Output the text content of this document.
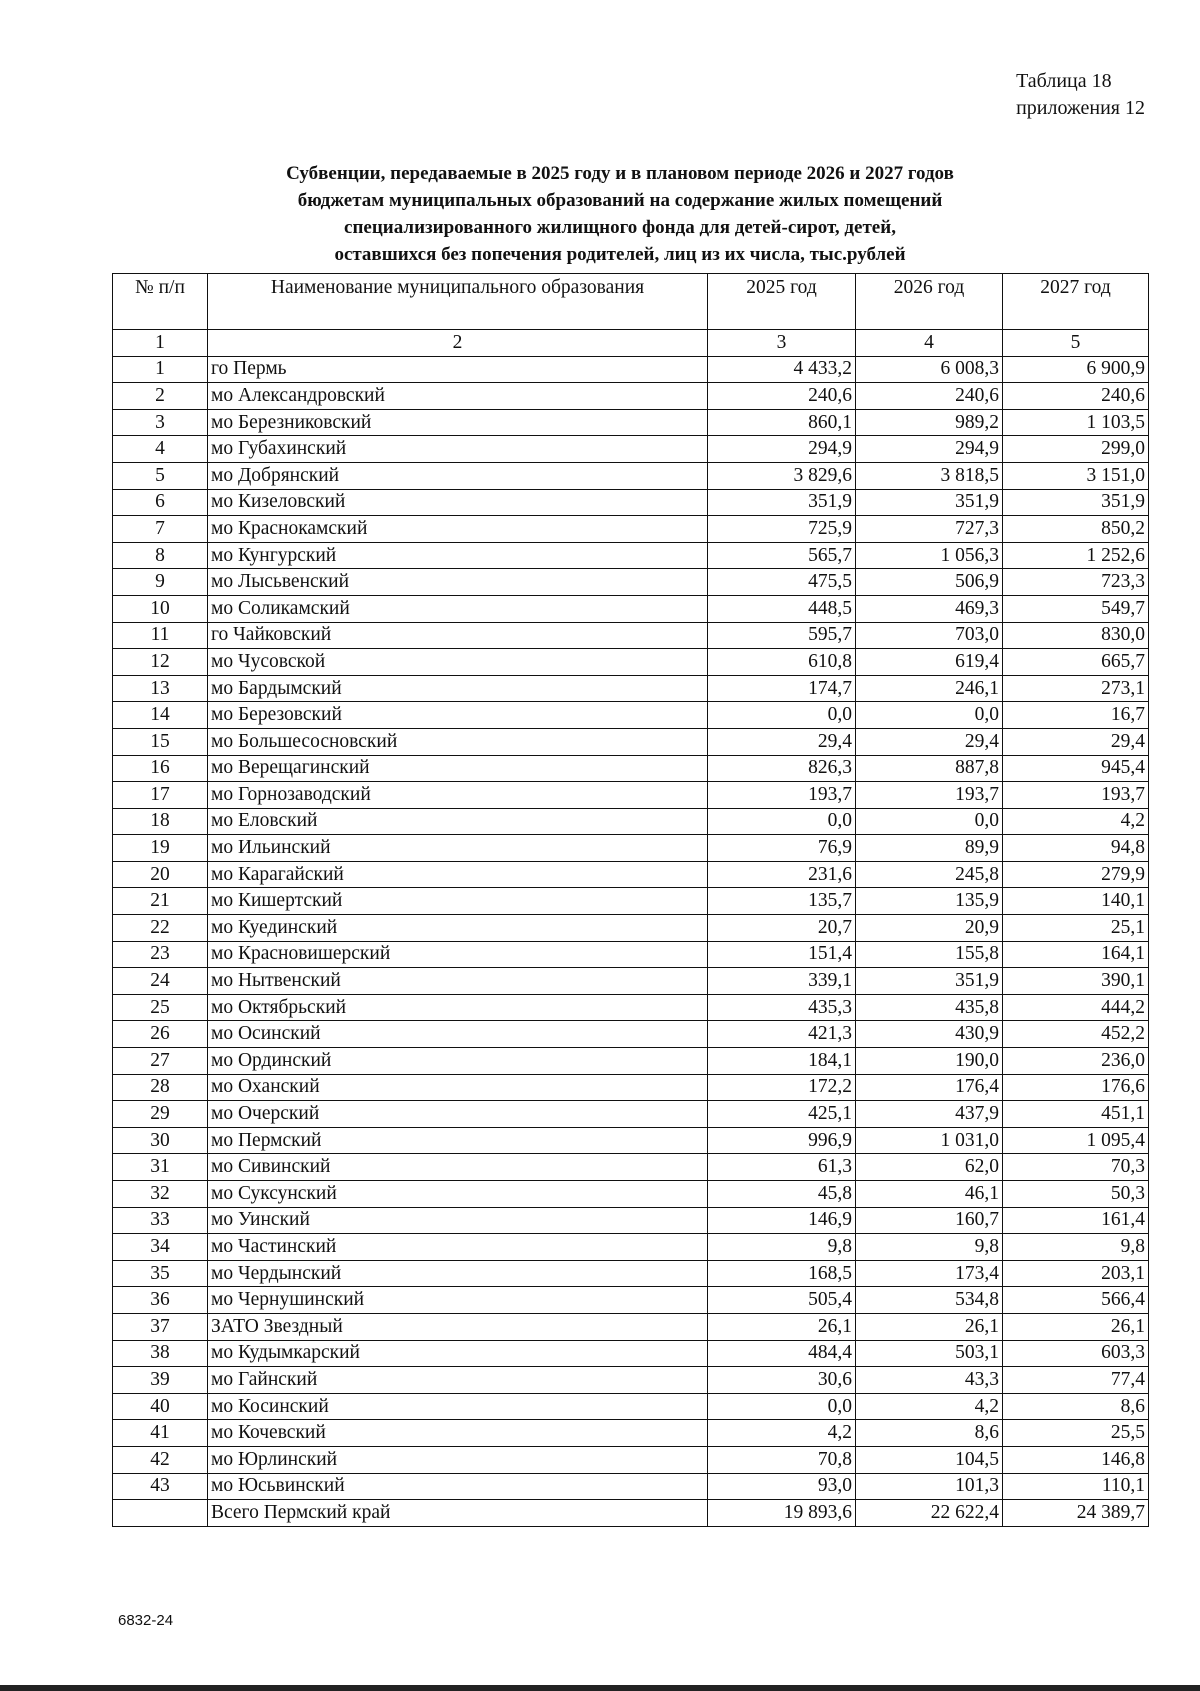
Таблица 18
приложения 12
Субвенции, передаваемые в 2025 году и в плановом периоде 2026 и 2027 годов
бюджетам муниципальных образований на содержание жилых помещений
специализированного жилищного фонда для детей-сирот, детей,
оставшихся без попечения родителей, лиц из их числа, тыс.рублей
№ п/п	Наименование муниципального образования	2025 год	2026 год	2027 год
1	2	3	4	5
1	го Пермь	4 433,2	6 008,3	6 900,9
2	мо Александровский	240,6	240,6	240,6
3	мо Березниковский	860,1	989,2	1 103,5
4	мо Губахинский	294,9	294,9	299,0
5	мо Добрянский	3 829,6	3 818,5	3 151,0
6	мо Кизеловский	351,9	351,9	351,9
7	мо Краснокамский	725,9	727,3	850,2
8	мо Кунгурский	565,7	1 056,3	1 252,6
9	мо Лысьвенский	475,5	506,9	723,3
10	мо Соликамский	448,5	469,3	549,7
11	го Чайковский	595,7	703,0	830,0
12	мо Чусовской	610,8	619,4	665,7
13	мо Бардымский	174,7	246,1	273,1
14	мо Березовский	0,0	0,0	16,7
15	мо Большесосновский	29,4	29,4	29,4
16	мо Верещагинский	826,3	887,8	945,4
17	мо Горнозаводский	193,7	193,7	193,7
18	мо Еловский	0,0	0,0	4,2
19	мо Ильинский	76,9	89,9	94,8
20	мо Карагайский	231,6	245,8	279,9
21	мо Кишертский	135,7	135,9	140,1
22	мо Куединский	20,7	20,9	25,1
23	мо Красновишерский	151,4	155,8	164,1
24	мо Нытвенский	339,1	351,9	390,1
25	мо Октябрьский	435,3	435,8	444,2
26	мо Осинский	421,3	430,9	452,2
27	мо Ординский	184,1	190,0	236,0
28	мо Оханский	172,2	176,4	176,6
29	мо Очерский	425,1	437,9	451,1
30	мо Пермский	996,9	1 031,0	1 095,4
31	мо Сивинский	61,3	62,0	70,3
32	мо Суксунский	45,8	46,1	50,3
33	мо Уинский	146,9	160,7	161,4
34	мо Частинский	9,8	9,8	9,8
35	мо Чердынский	168,5	173,4	203,1
36	мо Чернушинский	505,4	534,8	566,4
37	ЗАТО Звездный	26,1	26,1	26,1
38	мо Кудымкарский	484,4	503,1	603,3
39	мо Гайнский	30,6	43,3	77,4
40	мо Косинский	0,0	4,2	8,6
41	мо Кочевский	4,2	8,6	25,5
42	мо Юрлинский	70,8	104,5	146,8
43	мо Юсьвинский	93,0	101,3	110,1
	Всего Пермский край	19 893,6	22 622,4	24 389,7
6832-24
